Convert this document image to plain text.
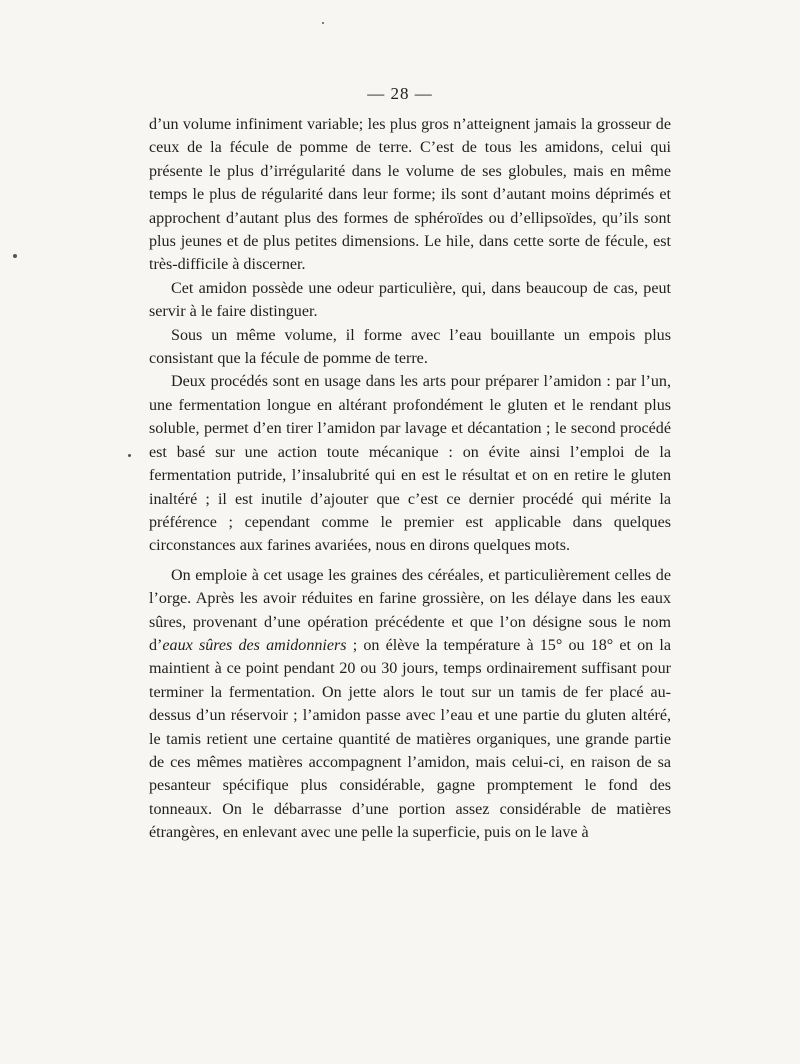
— 28 —

d’un volume infiniment variable; les plus gros n’atteignent jamais la grosseur de ceux de la fécule de pomme de terre. C’est de tous les amidons, celui qui présente le plus d’irrégularité dans le volume de ses globules, mais en même temps le plus de régularité dans leur forme; ils sont d’autant moins déprimés et approchent d’autant plus des formes de sphéroïdes ou d’ellipsoïdes, qu’ils sont plus jeunes et de plus petites dimensions. Le hile, dans cette sorte de fécule, est très-difficile à discerner.

Cet amidon possède une odeur particulière, qui, dans beaucoup de cas, peut servir à le faire distinguer.

Sous un même volume, il forme avec l’eau bouillante un empois plus consistant que la fécule de pomme de terre.

Deux procédés sont en usage dans les arts pour préparer l’amidon : par l’un, une fermentation longue en altérant profondément le gluten et le rendant plus soluble, permet d’en tirer l’amidon par lavage et décantation ; le second procédé est basé sur une action toute mécanique : on évite ainsi l’emploi de la fermentation putride, l’insalubrité qui en est le résultat et on en retire le gluten inaltéré ; il est inutile d’ajouter que c’est ce dernier procédé qui mérite la préférence ; cependant comme le premier est applicable dans quelques circonstances aux farines avariées, nous en dirons quelques mots.

On emploie à cet usage les graines des céréales, et particulièrement celles de l’orge. Après les avoir réduites en farine grossière, on les délaye dans les eaux sûres, provenant d’une opération précédente et que l’on désigne sous le nom d’eaux sûres des amidonniers ; on élève la température à 15° ou 18° et on la maintient à ce point pendant 20 ou 30 jours, temps ordinairement suffisant pour terminer la fermentation. On jette alors le tout sur un tamis de fer placé au-dessus d’un réservoir ; l’amidon passe avec l’eau et une partie du gluten altéré, le tamis retient une certaine quantité de matières organiques, une grande partie de ces mêmes matières accompagnent l’amidon, mais celui-ci, en raison de sa pesanteur spécifique plus considérable, gagne promptement le fond des tonneaux. On le débarrasse d’une portion assez considérable de matières étrangères, en enlevant avec une pelle la superficie, puis on le lave à
